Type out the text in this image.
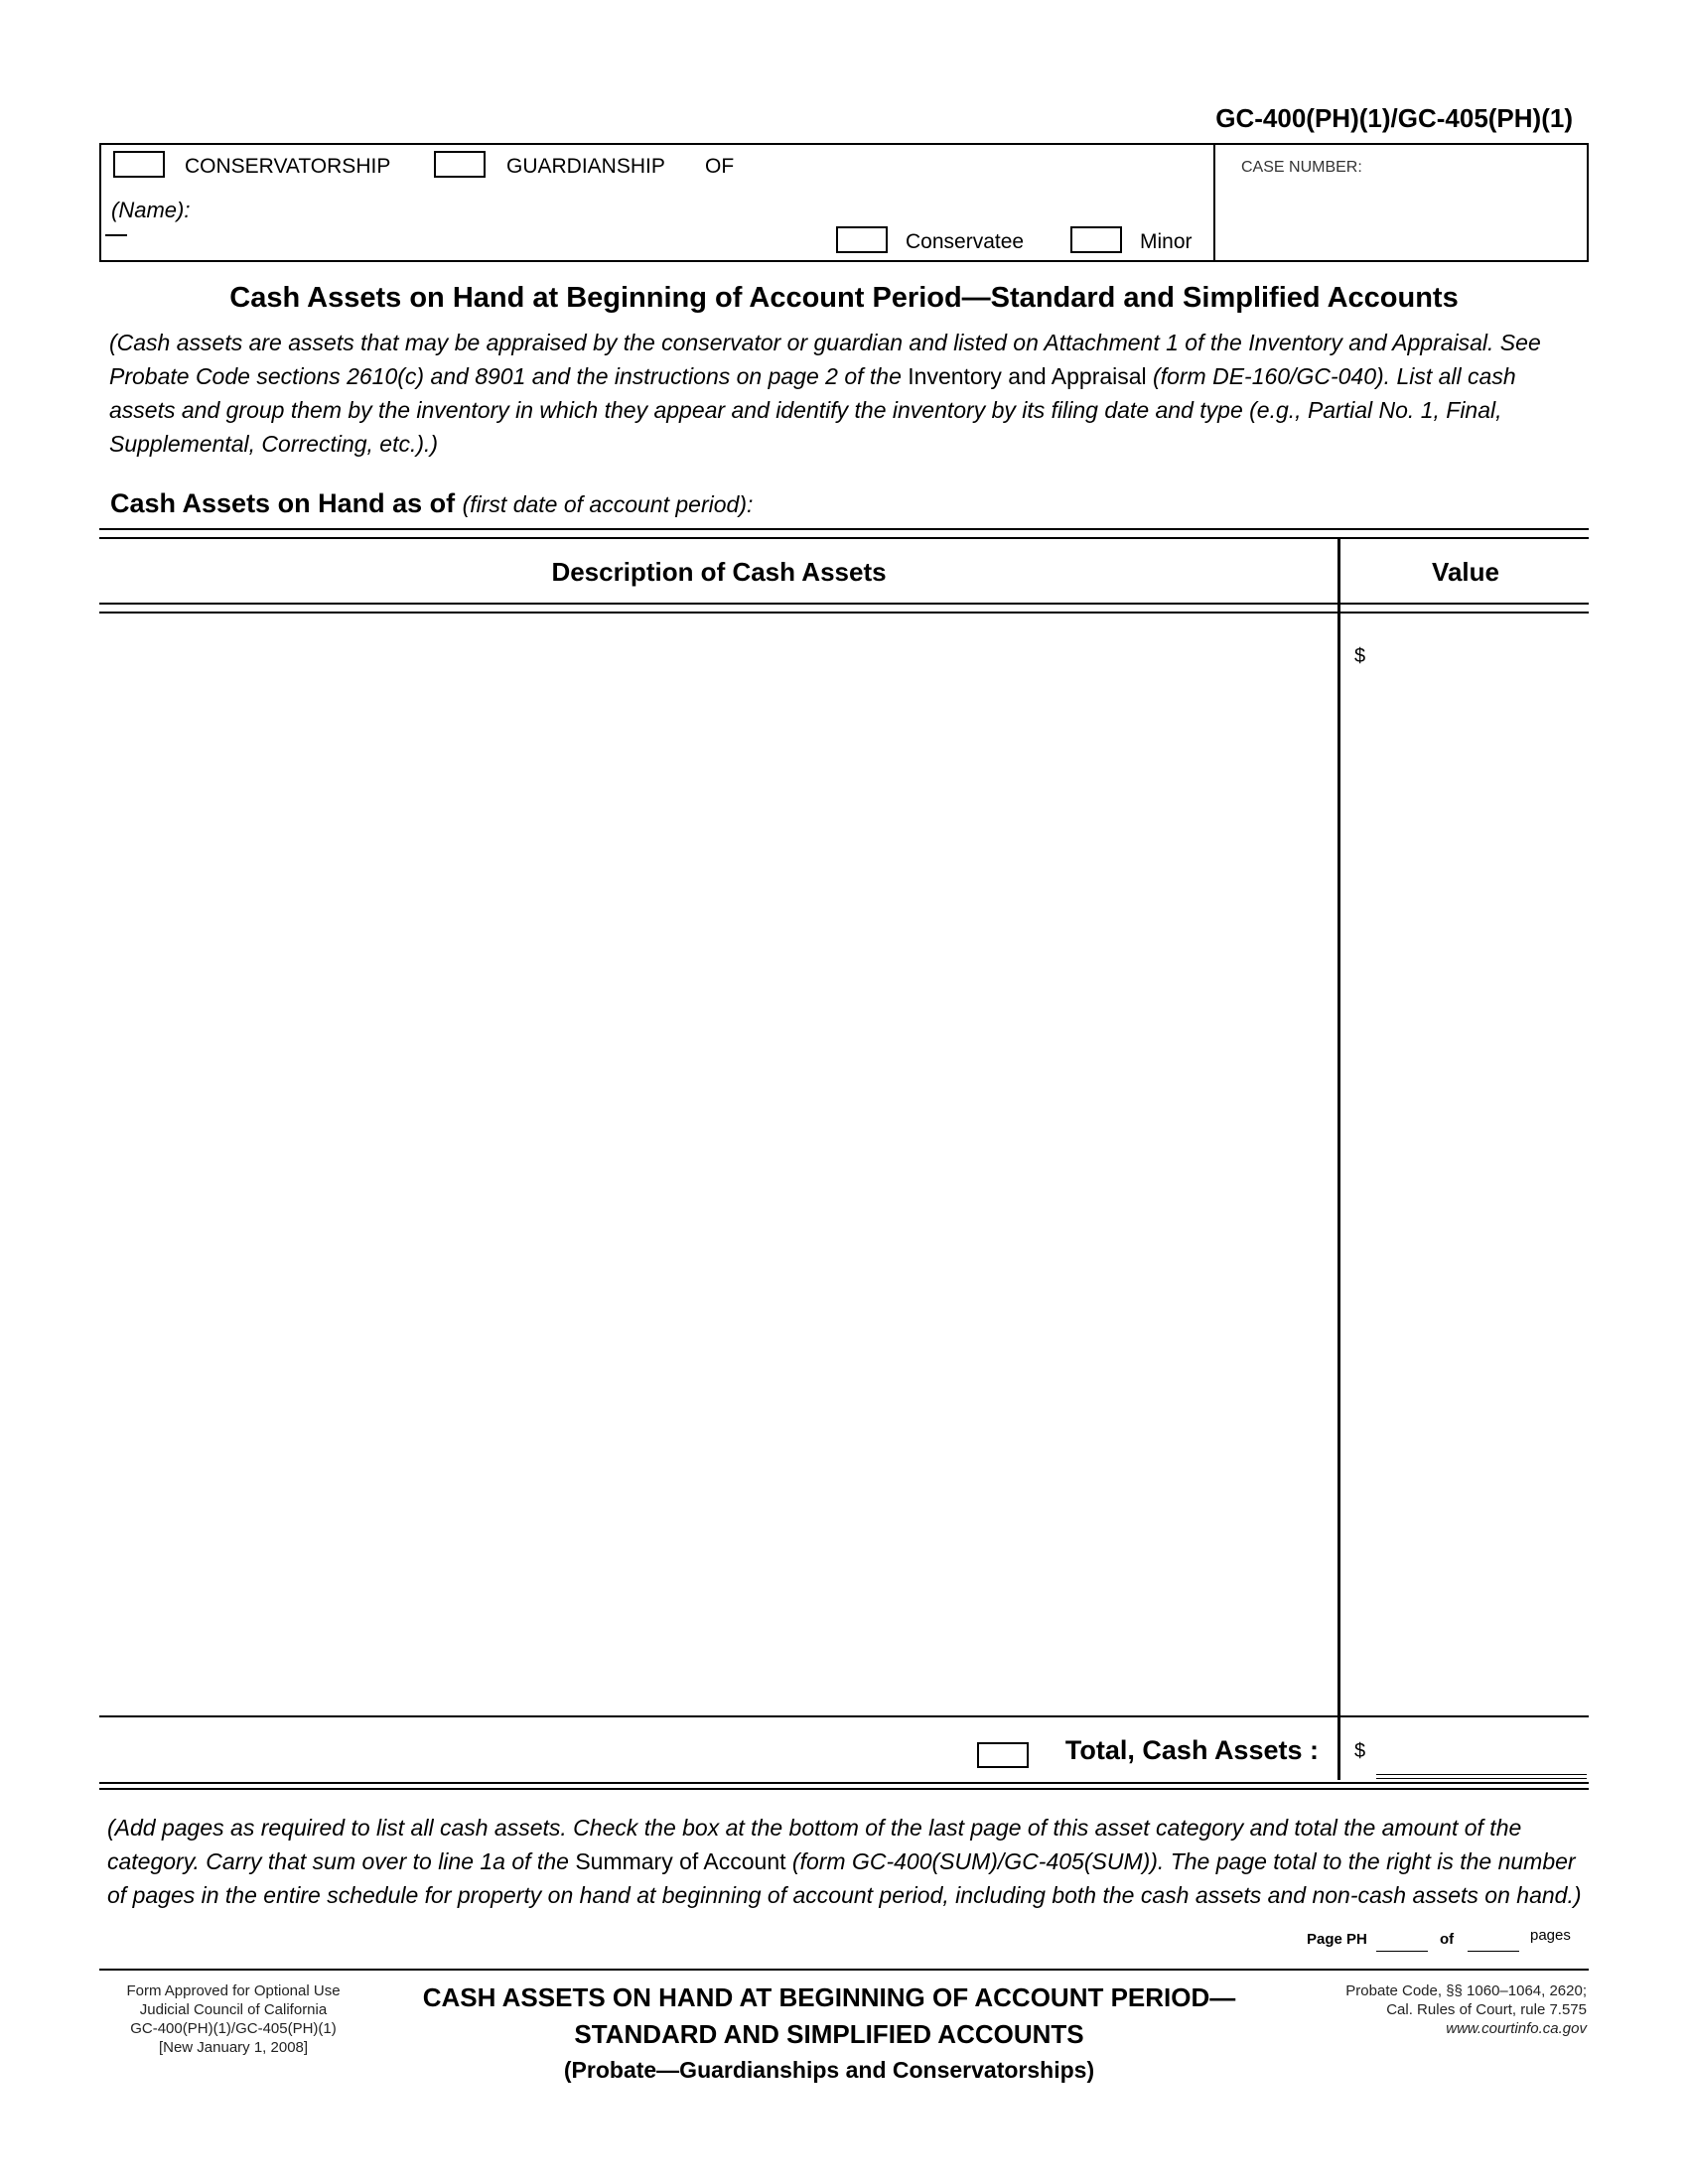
GC-400(PH)(1)/GC-405(PH)(1)
CONSERVATORSHIP	GUARDIANSHIP OF
(Name):
Conservatee	Minor
CASE NUMBER:
Cash Assets on Hand at Beginning of Account Period—Standard and Simplified Accounts
(Cash assets are assets that may be appraised by the conservator or guardian and listed on Attachment 1 of the Inventory and Appraisal. See Probate Code sections 2610(c) and 8901 and the instructions on page 2 of the Inventory and Appraisal (form DE-160/GC-040). List all cash assets and group them by the inventory in which they appear and identify the inventory by its filing date and type (e.g., Partial No. 1, Final, Supplemental, Correcting, etc.).)
Cash Assets on Hand as of (first date of account period):
Description of Cash Assets	Value
$
Total, Cash Assets : $
(Add pages as required to list all cash assets. Check the box at the bottom of the last page of this asset category and total the amount of the category. Carry that sum over to line 1a of the Summary of Account (form GC-400(SUM)/GC-405(SUM)). The page total to the right is the number of pages in the entire schedule for property on hand at beginning of account period, including both the cash assets and non-cash assets on hand.)
Page PH	of	pages
Form Approved for Optional Use
Judicial Council of California
GC-400(PH)(1)/GC-405(PH)(1)
[New January 1, 2008]
CASH ASSETS ON HAND AT BEGINNING OF ACCOUNT PERIOD—
STANDARD AND SIMPLIFIED ACCOUNTS
(Probate—Guardianships and Conservatorships)
Probate Code, §§ 1060–1064, 2620;
Cal. Rules of Court, rule 7.575
www.courtinfo.ca.gov
